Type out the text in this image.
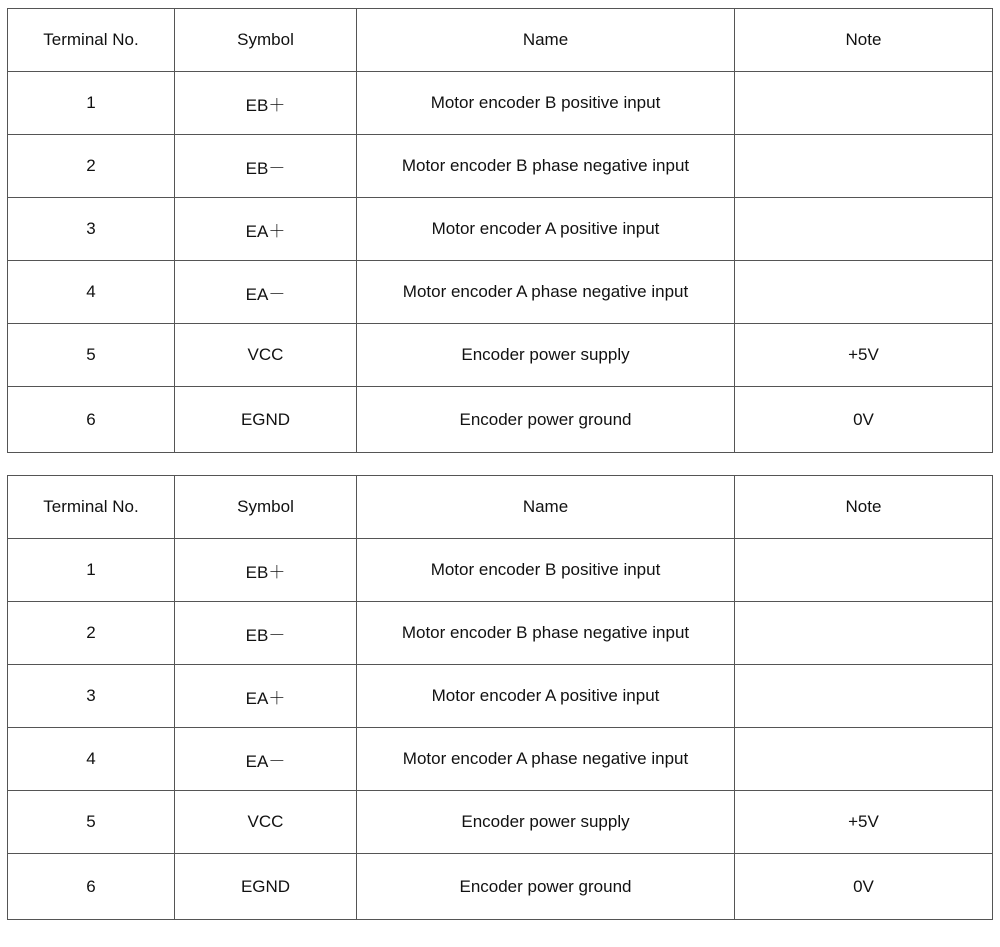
Terminal No.	Symbol	Name	Note
1	EB＋	Motor encoder B positive input	
2	EB－	Motor encoder B phase negative input	
3	EA＋	Motor encoder A positive input	
4	EA－	Motor encoder A phase negative input	
5	VCC	Encoder power supply	+5V
6	EGND	Encoder power ground	0V
Terminal No.	Symbol	Name	Note
1	EB＋	Motor encoder B positive input	
2	EB－	Motor encoder B phase negative input	
3	EA＋	Motor encoder A positive input	
4	EA－	Motor encoder A phase negative input	
5	VCC	Encoder power supply	+5V
6	EGND	Encoder power ground	0V
